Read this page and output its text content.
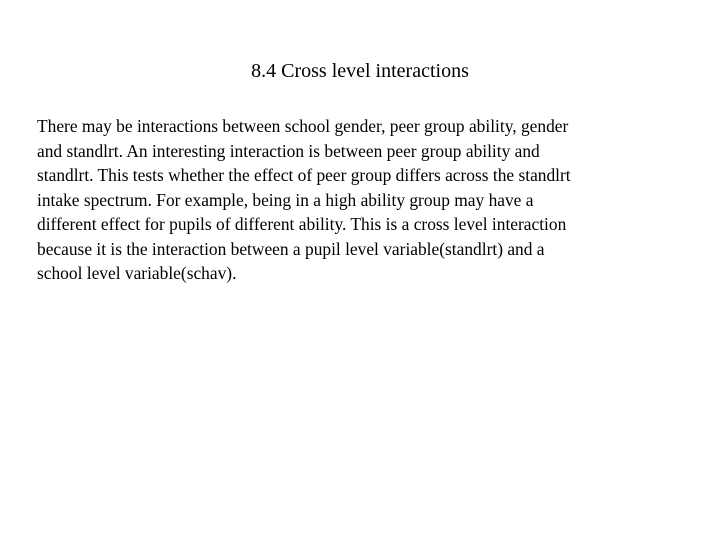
8.4 Cross level interactions
There may be interactions between school gender, peer group ability, gender
and standlrt. An interesting interaction is between peer group ability and
standlrt. This tests whether the effect of peer group differs across the standlrt
intake spectrum. For example, being in a high ability group may have a
different effect for pupils of different ability. This is a cross level interaction
because it is the interaction between a pupil level variable(standlrt) and a
school level variable(schav).
